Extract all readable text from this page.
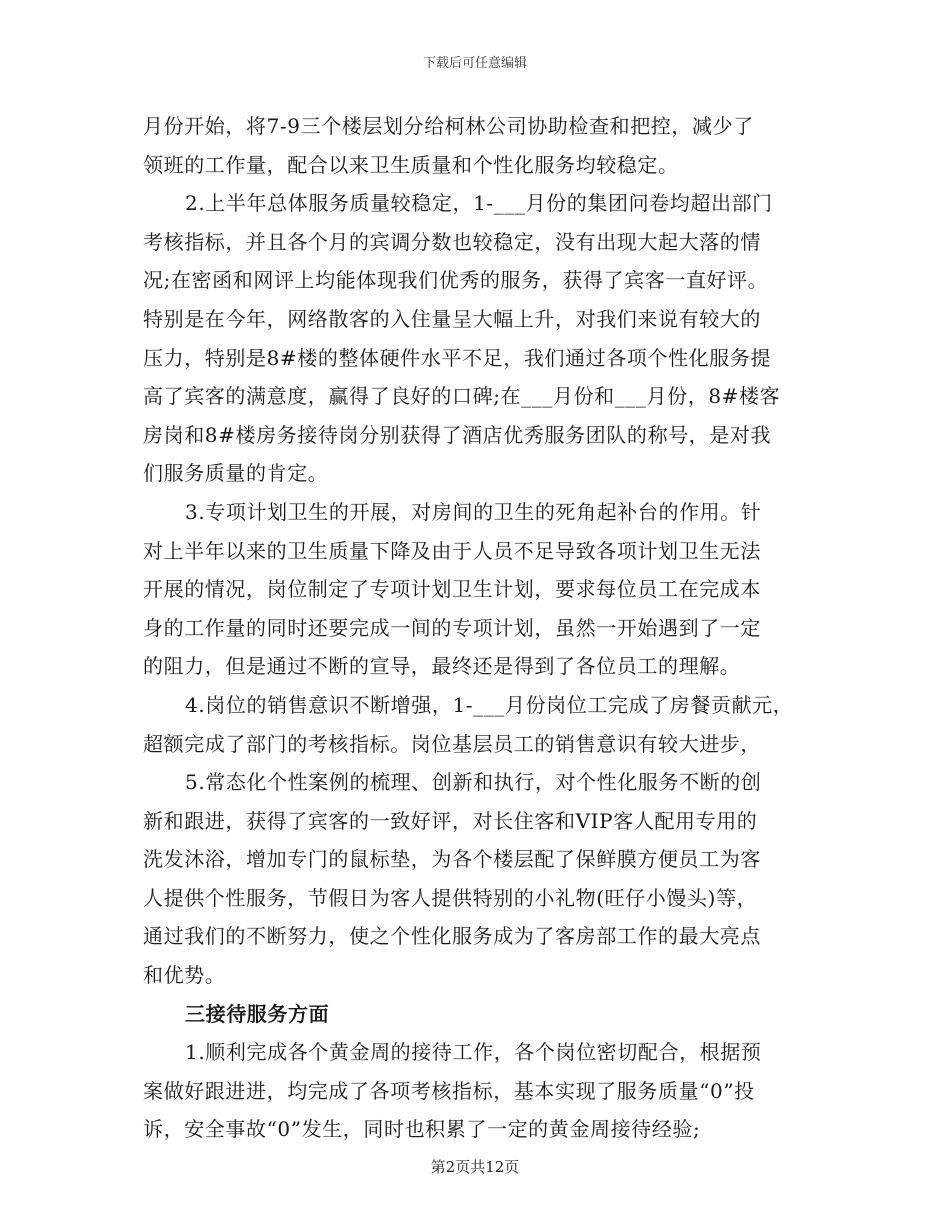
下载后可任意编辑
月份开始，将7-9三个楼层划分给柯林公司协助检查和把控，减少了
领班的工作量，配合以来卫生质量和个性化服务均较稳定。
2.上半年总体服务质量较稳定，1-___月份的集团问卷均超出部门
考核指标，并且各个月的宾调分数也较稳定，没有出现大起大落的情
况;在密函和网评上均能体现我们优秀的服务，获得了宾客一直好评。
特别是在今年，网络散客的入住量呈大幅上升，对我们来说有较大的
压力，特别是8#楼的整体硬件水平不足，我们通过各项个性化服务提
高了宾客的满意度，赢得了良好的口碑;在___月份和___月份，8#楼客
房岗和8#楼房务接待岗分别获得了酒店优秀服务团队的称号，是对我
们服务质量的肯定。
3.专项计划卫生的开展，对房间的卫生的死角起补台的作用。针
对上半年以来的卫生质量下降及由于人员不足导致各项计划卫生无法
开展的情况，岗位制定了专项计划卫生计划，要求每位员工在完成本
身的工作量的同时还要完成一间的专项计划，虽然一开始遇到了一定
的阻力，但是通过不断的宣导，最终还是得到了各位员工的理解。
4.岗位的销售意识不断增强，1-___月份岗位工完成了房餐贡献元，
超额完成了部门的考核指标。岗位基层员工的销售意识有较大进步，
5.常态化个性案例的梳理、创新和执行，对个性化服务不断的创
新和跟进，获得了宾客的一致好评，对长住客和VIP客人配用专用的
洗发沐浴，增加专门的鼠标垫，为各个楼层配了保鲜膜方便员工为客
人提供个性服务，节假日为客人提供特别的小礼物(旺仔小馒头)等，
通过我们的不断努力，使之个性化服务成为了客房部工作的最大亮点
和优势。
三接待服务方面
1.顺利完成各个黄金周的接待工作，各个岗位密切配合，根据预
案做好跟进进，均完成了各项考核指标，基本实现了服务质量“0”投
诉，安全事故“0”发生，同时也积累了一定的黄金周接待经验;
第2页共12页
